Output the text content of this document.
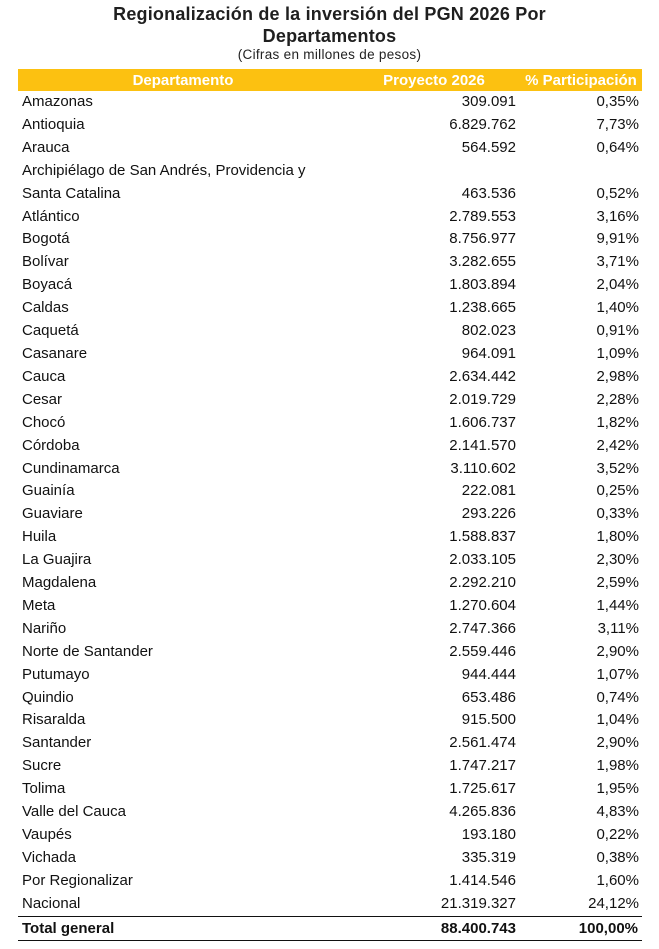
Regionalización de la inversión del PGN 2026 Por
Departamentos
(Cifras en millones de pesos)
Departamento	Proyecto 2026	% Participación
Amazonas	309.091	0,35%
Antioquia	6.829.762	7,73%
Arauca	564.592	0,64%

Archipiélago de San Andrés, Providencia y
Santa Catalina	463.536	0,52%
Atlántico	2.789.553	3,16%
Bogotá	8.756.977	9,91%
Bolívar	3.282.655	3,71%
Boyacá	1.803.894	2,04%
Caldas	1.238.665	1,40%
Caquetá	802.023	0,91%
Casanare	964.091	1,09%
Cauca	2.634.442	2,98%
Cesar	2.019.729	2,28%
Chocó	1.606.737	1,82%
Córdoba	2.141.570	2,42%
Cundinamarca	3.110.602	3,52%
Guainía	222.081	0,25%
Guaviare	293.226	0,33%
Huila	1.588.837	1,80%
La Guajira	2.033.105	2,30%
Magdalena	2.292.210	2,59%
Meta	1.270.604	1,44%
Nariño	2.747.366	3,11%
Norte de Santander	2.559.446	2,90%
Putumayo	944.444	1,07%
Quindio	653.486	0,74%
Risaralda	915.500	1,04%
Santander	2.561.474	2,90%
Sucre	1.747.217	1,98%
Tolima	1.725.617	1,95%
Valle del Cauca	4.265.836	4,83%
Vaupés	193.180	0,22%
Vichada	335.319	0,38%
Por Regionalizar	1.414.546	1,60%
Nacional	21.319.327	24,12%
Total general	88.400.743	100,00%
